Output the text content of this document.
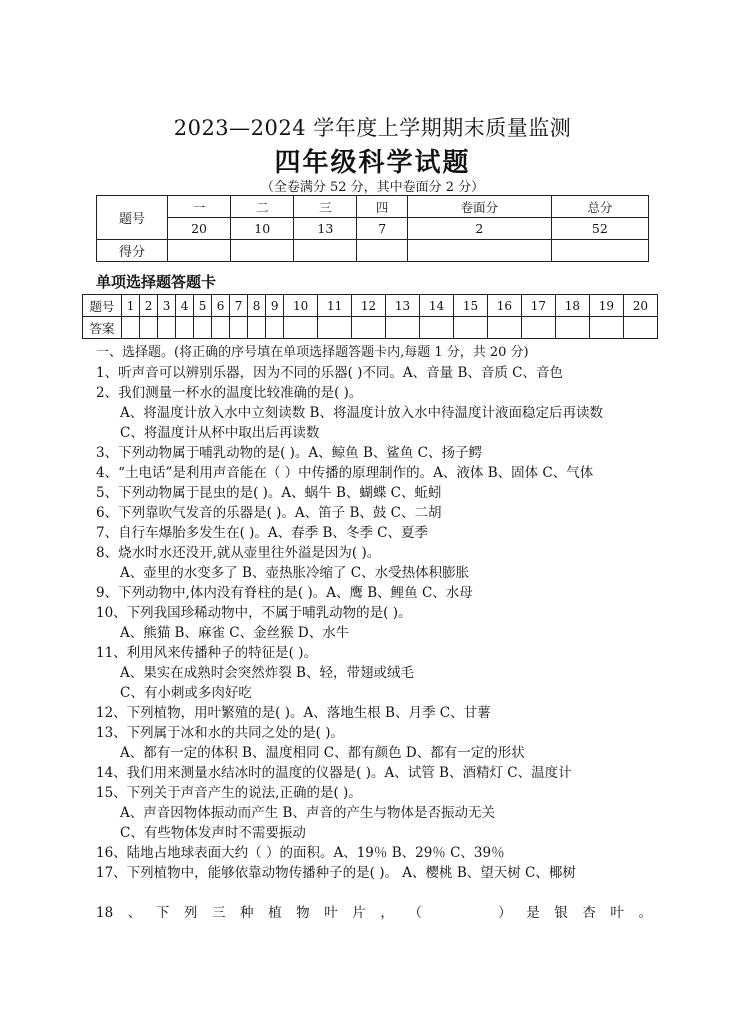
2023—2024 学年度上学期期末质量监测
四年级科学试题
（全卷满分 52 分，其中卷面分 2 分）
题号	一	二	三	四	卷面分	总分
	20	10	13	7	2	52
得分						
单项选择题答题卡
题号	1	2	3	4	5	6	7	8	9	10	11	12	13	14	15	16	17	18	19	20
答案																				
一、选择题。(将正确的序号填在单项选择题答题卡内,每题 1 分，共 20 分)
1、听声音可以辨别乐器，因为不同的乐器( )不同。A、音量 B、音质 C、音色
2、我们测量一杯水的温度比较准确的是( )。
A、将温度计放入水中立刻读数 B、将温度计放入水中待温度计液面稳定后再读数
C、将温度计从杯中取出后再读数
3、下列动物属于哺乳动物的是( )。A、鲸鱼 B、鲨鱼 C、扬子鳄
4、“土电话”是利用声音能在（ ）中传播的原理制作的。A、液体 B、固体 C、气体
5、下列动物属于昆虫的是( )。A、蜗牛 B、蝴蝶 C、蚯蚓
6、下列靠吹气发音的乐器是( )。A、笛子 B、鼓 C、二胡
7、自行车爆胎多发生在( )。A、春季 B、冬季 C、夏季
8、烧水时水还没开,就从壶里往外溢是因为( )。
A、壶里的水变多了 B、壶热胀冷缩了 C、水受热体积膨胀
9、下列动物中,体内没有脊柱的是( )。A、鹰 B、鲤鱼 C、水母
10、下列我国珍稀动物中，不属于哺乳动物的是( )。
A、熊猫 B、麻雀 C、金丝猴 D、水牛
11、利用风来传播种子的特征是( )。
A、果实在成熟时会突然炸裂 B、轻，带翅或绒毛
C、有小刺或多肉好吃
12、下列植物，用叶繁殖的是( )。A、落地生根 B、月季 C、甘薯
13、下列属于冰和水的共同之处的是( )。
A、都有一定的体积 B、温度相同 C、都有颜色 D、都有一定的形状
14、我们用来测量水结冰时的温度的仪器是( )。A、试管 B、酒精灯 C、温度计
15、下列关于声音产生的说法,正确的是( )。
A、声音因物体振动而产生 B、声音的产生与物体是否振动无关
C、有些物体发声时不需要振动
16、陆地占地球表面大约（ ）的面积。A、19％ B、29％ C、39％
17、下列植物中，能够依靠动物传播种子的是( )。 A、樱桃 B、望天树 C、椰树
18 、 下 列 三 种 植 物 叶 片 ， （	） 是 银 杏 叶 。
